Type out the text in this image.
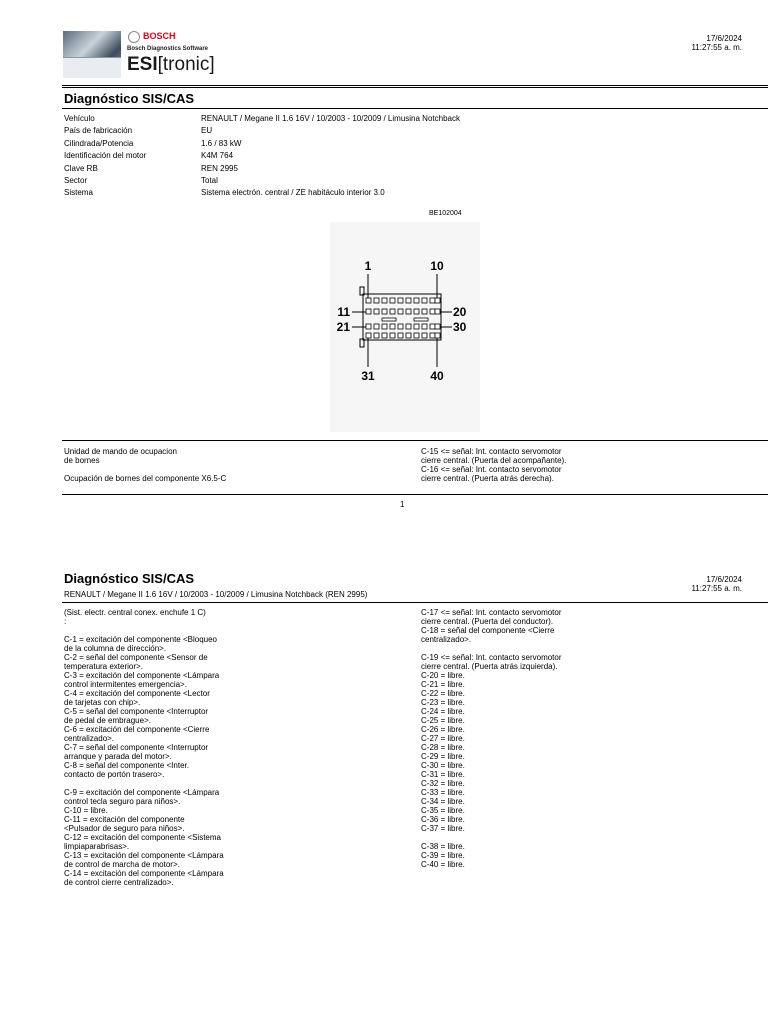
BOSCH
Bosch Diagnostics Software
ESI[tronic]
17/6/2024
11:27:55 a. m.
Diagnóstico SIS/CAS
Vehículo	RENAULT / Megane II 1.6 16V / 10/2003 - 10/2009 / Limusina Notchback
País de fabricación	EU
Cilindrada/Potencia	1.6 / 83 kW
Identificación del motor	K4M 764
Clave RB	REN 2995
Sector	Total
Sistema	Sistema electrón. central / ZE habitáculo interior 3.0
BE102004
1	10
11	20
21	30
31	40
Unidad de mando de ocupacion
de bornes
Ocupación de bornes del componente X6.5-C
C-15 <= señal: Int. contacto servomotor
cierre central. (Puerta del acompañante).
C-16 <= señal: Int. contacto servomotor
cierre central. (Puerta atrás derecha).
1
Diagnóstico SIS/CAS
RENAULT / Megane II 1.6 16V / 10/2003 - 10/2009 / Limusina Notchback (REN 2995)
17/6/2024
11:27:55 a. m.
(Sist. electr. central conex. enchufe 1 C)
:
C-1 = excitación del componente <Bloqueo
de la columna de dirección>.
C-2 = señal del componente <Sensor de
temperatura exterior>.
C-3 = excitación del componente <Lámpara
control intermitentes emergencia>.
C-4 = excitación del componente <Lector
de tarjetas con chip>.
C-5 = señal del componente <Interruptor
de pedal de embrague>.
C-6 = excitación del componente <Cierre
centralizado>.
C-7 = señal del componente <Interruptor
arranque y parada del motor>.
C-8 = señal del componente <Inter.
contacto de portón trasero>.
C-9 = excitación del componente <Lámpara
control tecla seguro para niños>.
C-10 = libre.
C-11 = excitación del componente
<Pulsador de seguro para niños>.
C-12 = excitación del componente <Sistema
limpiaparabrisas>.
C-13 = excitación del componente <Lámpara
de control de marcha de motor>.
C-14 = excitación del componente <Lámpara
de control cierre centralizado>.
C-17 <= señal: Int. contacto servomotor
cierre central. (Puerta del conductor).
C-18 = señal del componente <Cierre
centralizado>.
C-19 <= señal: Int. contacto servomotor
cierre central. (Puerta atrás izquierda).
C-20 = libre.
C-21 = libre.
C-22 = libre.
C-23 = libre.
C-24 = libre.
C-25 = libre.
C-26 = libre.
C-27 = libre.
C-28 = libre.
C-29 = libre.
C-30 = libre.
C-31 = libre.
C-32 = libre.
C-33 = libre.
C-34 = libre.
C-35 = libre.
C-36 = libre.
C-37 = libre.
C-38 = libre.
C-39 = libre.
C-40 = libre.
